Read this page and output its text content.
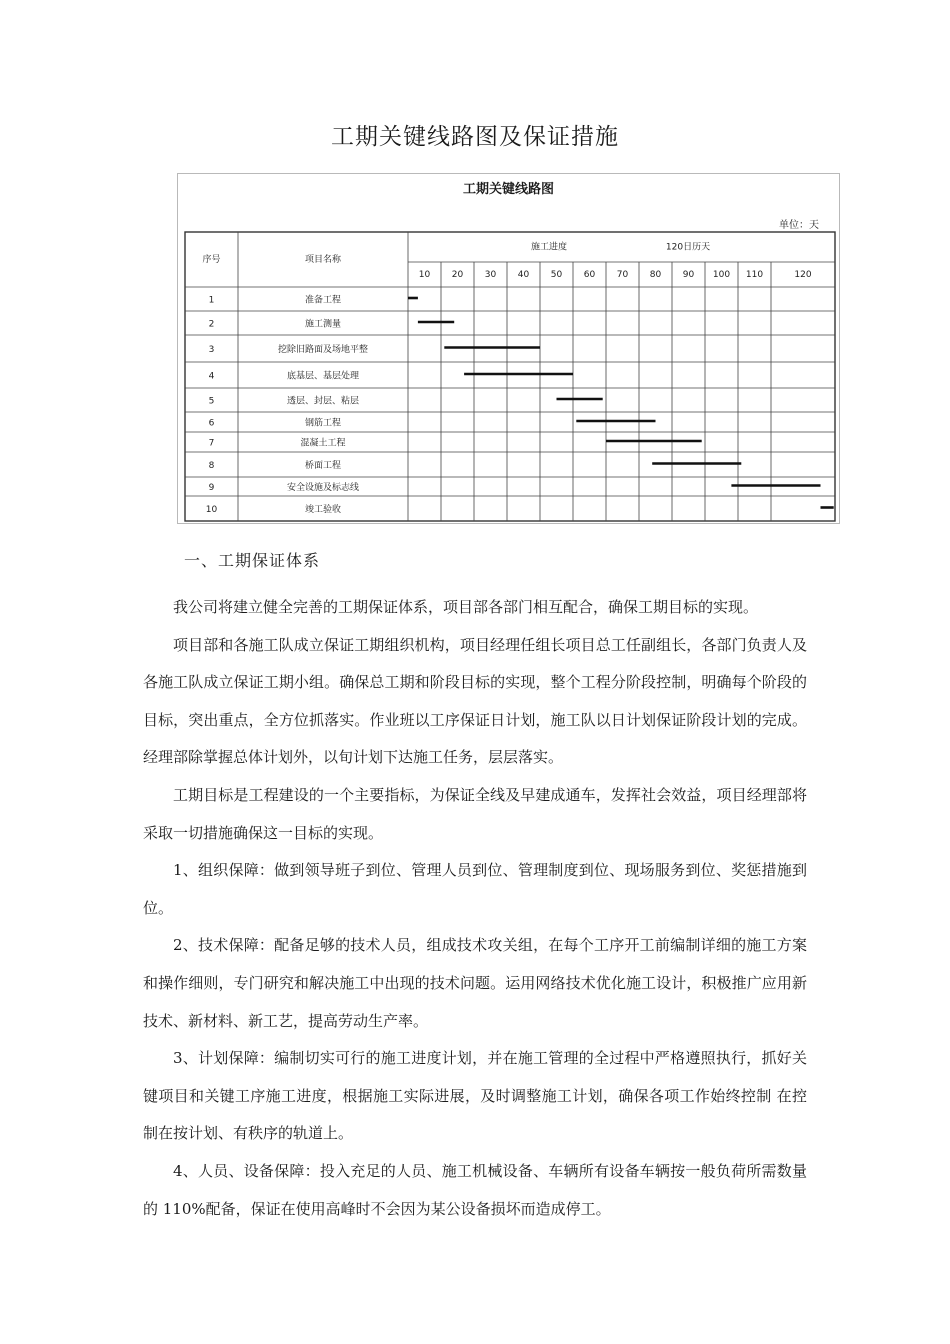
工期关键线路图及保证措施
工期关键线路图
单位：天
序号	项目名称
施工进度	120日历天
10 20 30 40 50 60 70 80 90 100 110	120
1	准备工程
2	施工测量
3	挖除旧路面及场地平整
4	底基层、基层处理
5	透层、封层、粘层
6	钢筋工程
7	混凝土工程
8	桥面工程
9	安全设施及标志线
10	竣工验收
一、工期保证体系

我公司将建立健全完善的工期保证体系，项目部各部门相互配合，确保工期目标的实现。

项目部和各施工队成立保证工期组织机构，项目经理任组长项目总工任副组长，各部门负责人及各施工队成立保证工期小组。确保总工期和阶段目标的实现，整个工程分阶段控制，明确每个阶段的目标，突出重点，全方位抓落实。作业班以工序保证日计划，施工队以日计划保证阶段计划的完成。经理部除掌握总体计划外，以旬计划下达施工任务，层层落实。

工期目标是工程建设的一个主要指标，为保证全线及早建成通车，发挥社会效益，项目经理部将采取一切措施确保这一目标的实现。

1、组织保障：做到领导班子到位、管理人员到位、管理制度到位、现场服务到位、奖惩措施到位。

2、技术保障：配备足够的技术人员，组成技术攻关组，在每个工序开工前编制详细的施工方案和操作细则，专门研究和解决施工中出现的技术问题。运用网络技术优化施工设计，积极推广应用新技术、新材料、新工艺，提高劳动生产率。

3、计划保障：编制切实可行的施工进度计划，并在施工管理的全过程中严格遵照执行，抓好关键项目和关键工序施工进度，根据施工实际进展，及时调整施工计划，确保各项工作始终控制 在控制在按计划、有秩序的轨道上。

4、人员、设备保障：投入充足的人员、施工机械设备、车辆所有设备车辆按一般负荷所需数量的 110%配备，保证在使用高峰时不会因为某公设备损坏而造成停工。
